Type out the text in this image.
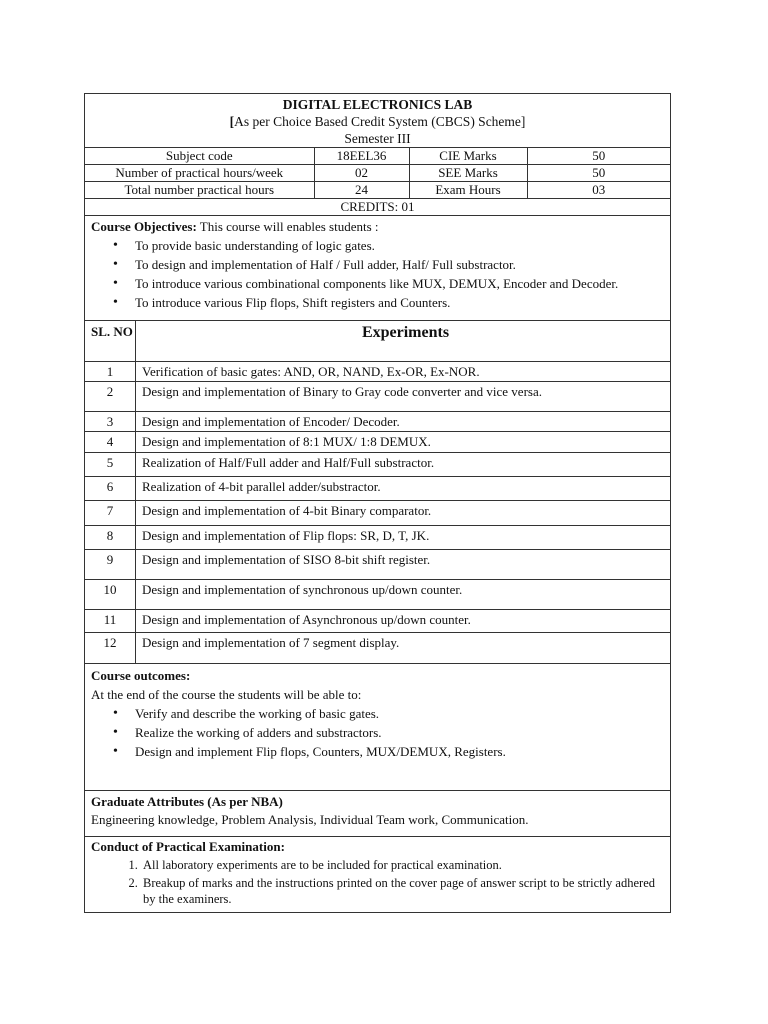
DIGITAL ELECTRONICS LAB
[As per Choice Based Credit System (CBCS) Scheme]
Semester III
Subject code	18EEL36	CIE Marks	50
Number of practical hours/week	02	SEE Marks	50
Total number practical hours	24	Exam Hours	03
CREDITS: 01
Course Objectives: This course will enables students :
• To provide basic understanding of logic gates.
• To design and implementation of Half / Full adder, Half/ Full substractor.
• To introduce various combinational components like MUX, DEMUX, Encoder and Decoder.
• To introduce various Flip flops, Shift registers and Counters.
SL. NO	Experiments
1	Verification of basic gates: AND, OR, NAND, Ex-OR, Ex-NOR.
2	Design and implementation of Binary to Gray code converter and vice versa.
3	Design and implementation of Encoder/ Decoder.
4	Design and implementation of 8:1 MUX/ 1:8 DEMUX.
5	Realization of Half/Full adder and Half/Full substractor.
6	Realization of 4-bit parallel adder/substractor.
7	Design and implementation of 4-bit Binary comparator.
8	Design and implementation of Flip flops: SR, D, T, JK.
9	Design and implementation of SISO 8-bit shift register.
10	Design and implementation of synchronous up/down counter.
11	Design and implementation of Asynchronous up/down counter.
12	Design and implementation of 7 segment display.
Course outcomes:
At the end of the course the students will be able to:
• Verify and describe the working of basic gates.
• Realize the working of adders and substractors.
• Design and implement Flip flops, Counters, MUX/DEMUX, Registers.
Graduate Attributes (As per NBA)
Engineering knowledge, Problem Analysis, Individual Team work, Communication.
Conduct of Practical Examination:
1. All laboratory experiments are to be included for practical examination.
2. Breakup of marks and the instructions printed on the cover page of answer script to be strictly adhered by the examiners.
